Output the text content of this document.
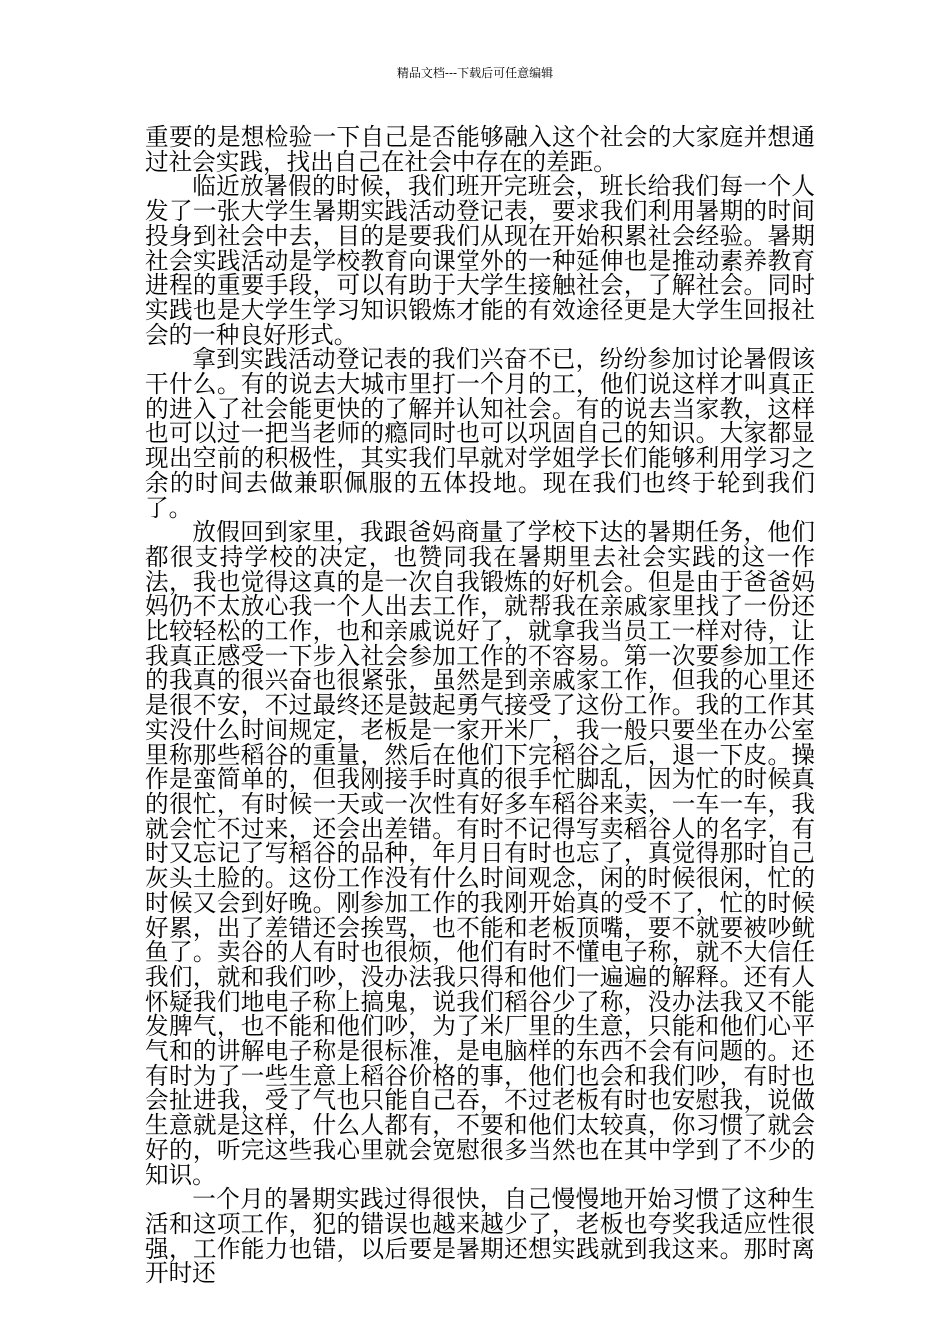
精品文档---下载后可任意编辑

重要的是想检验一下自己是否能够融入这个社会的大家庭并想通过社会实践，找出自己在社会中存在的差距。

临近放暑假的时候，我们班开完班会，班长给我们每一个人发了一张大学生暑期实践活动登记表，要求我们利用暑期的时间投身到社会中去，目的是要我们从现在开始积累社会经验。暑期社会实践活动是学校教育向课堂外的一种延伸也是推动素养教育进程的重要手段，可以有助于大学生接触社会，了解社会。同时实践也是大学生学习知识锻炼才能的有效途径更是大学生回报社会的一种良好形式。

拿到实践活动登记表的我们兴奋不已，纷纷参加讨论暑假该干什么。有的说去大城市里打一个月的工，他们说这样才叫真正的进入了社会能更快的了解并认知社会。有的说去当家教，这样也可以过一把当老师的瘾同时也可以巩固自己的知识。大家都显现出空前的积极性，其实我们早就对学姐学长们能够利用学习之余的时间去做兼职佩服的五体投地。现在我们也终于轮到我们了。

放假回到家里，我跟爸妈商量了学校下达的暑期任务，他们都很支持学校的决定，也赞同我在暑期里去社会实践的这一作法，我也觉得这真的是一次自我锻炼的好机会。但是由于爸爸妈妈仍不太放心我一个人出去工作，就帮我在亲戚家里找了一份还比较轻松的工作，也和亲戚说好了，就拿我当员工一样对待，让我真正感受一下步入社会参加工作的不容易。第一次要参加工作的我真的很兴奋也很紧张，虽然是到亲戚家工作，但我的心里还是很不安，不过最终还是鼓起勇气接受了这份工作。我的工作其实没什么时间规定，老板是一家开米厂，我一般只要坐在办公室里称那些稻谷的重量，然后在他们下完稻谷之后，退一下皮。操作是蛮简单的，但我刚接手时真的很手忙脚乱，因为忙的时候真的很忙，有时候一天或一次性有好多车稻谷来卖，一车一车，我就会忙不过来，还会出差错。有时不记得写卖稻谷人的名字，有时又忘记了写稻谷的品种，年月日有时也忘了，真觉得那时自己灰头土脸的。这份工作没有什么时间观念，闲的时候很闲，忙的时候又会到好晚。刚参加工作的我刚开始真的受不了，忙的时候好累，出了差错还会挨骂，也不能和老板顶嘴，要不就要被吵鱿鱼了。卖谷的人有时也很烦，他们有时不懂电子称，就不大信任我们，就和我们吵，没办法我只得和他们一遍遍的解释。还有人怀疑我们地电子称上搞鬼，说我们稻谷少了称，没办法我又不能发脾气，也不能和他们吵，为了米厂里的生意，只能和他们心平气和的讲解电子称是很标准，是电脑样的东西不会有问题的。还有时为了一些生意上稻谷价格的事，他们也会和我们吵，有时也会扯进我，受了气也只能自己吞，不过老板有时也安慰我，说做生意就是这样，什么人都有，不要和他们太较真，你习惯了就会好的，听完这些我心里就会宽慰很多当然也在其中学到了不少的知识。

一个月的暑期实践过得很快，自己慢慢地开始习惯了这种生活和这项工作，犯的错误也越来越少了，老板也夸奖我适应性很强，工作能力也错，以后要是暑期还想实践就到我这来。那时离开时还
